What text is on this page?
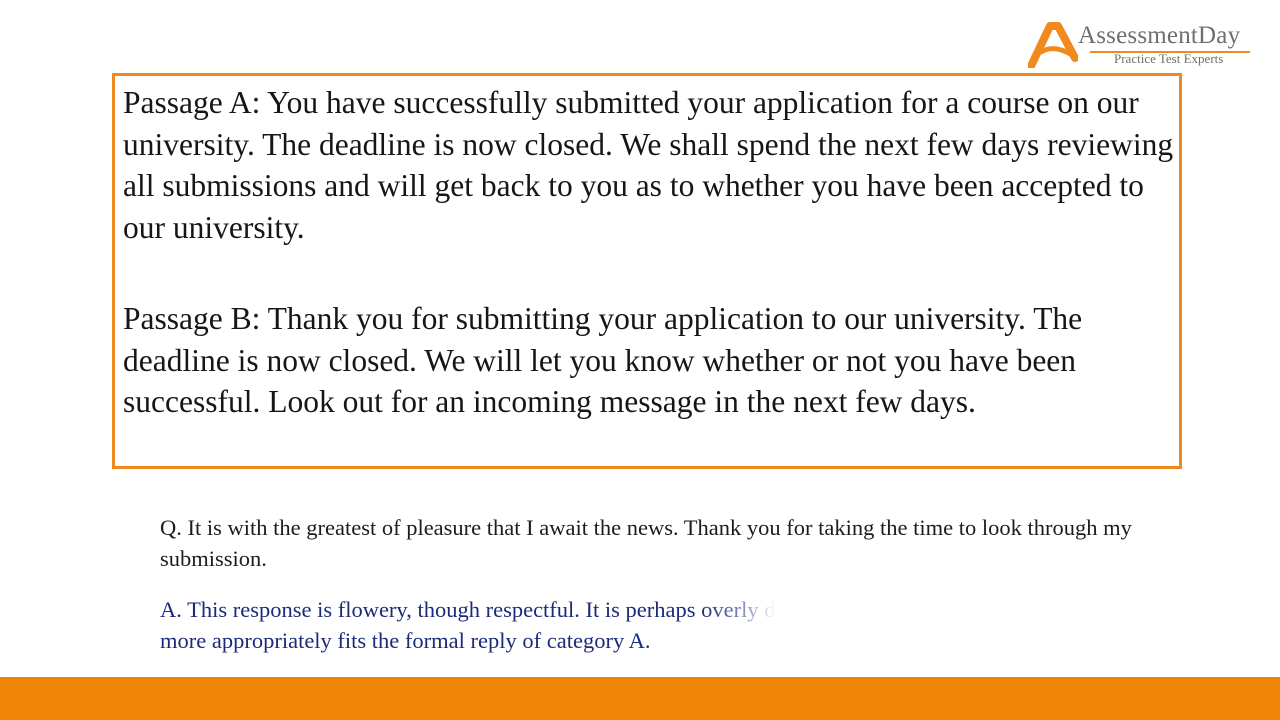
AssessmentDay
Practice Test Experts

Passage A: You have successfully submitted your application for a course on our university. The deadline is now closed. We shall spend the next few days reviewing all submissions and will get back to you as to whether you have been accepted to our university.

Passage B: Thank you for submitting your application to our university. The deadline is now closed. We will let you know whether or not you have been successful. Look out for an incoming message in the next few days.

Q. It is with the greatest of pleasure that I await the news. Thank you for taking the time to look through my submission.

A. This response is flowery, though respectful. It is perhaps overly d
more appropriately fits the formal reply of category A.
